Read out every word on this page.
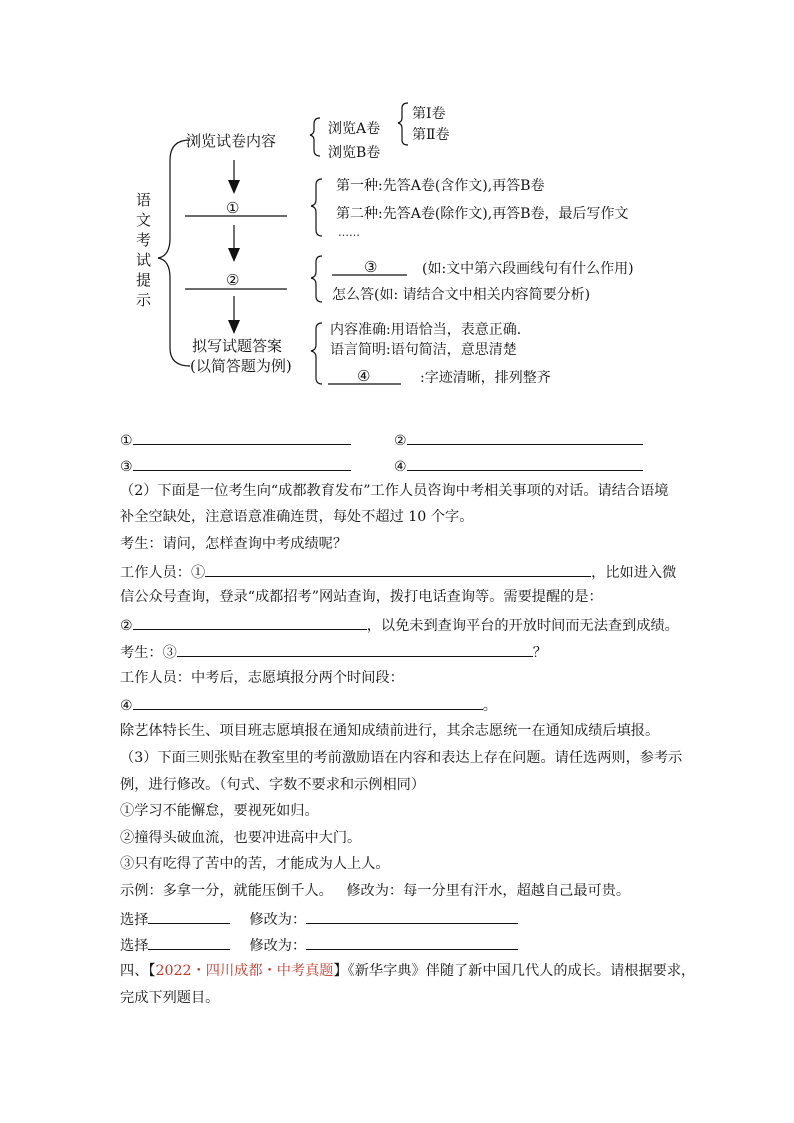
语文考试提示
浏览试卷内容
浏览A卷
浏览B卷
第Ⅰ卷
第Ⅱ卷
①
第一种:先答A卷(含作文),再答B卷
第二种:先答A卷(除作文),再答B卷，最后写作文
……
②
③	(如:文中第六段画线句有什么作用)
怎么答(如: 请结合文中相关内容简要分析)
拟写试题答案
(以简答题为例)
内容准确:用语恰当，表意正确.
语言简明:语句简洁，意思清楚
④	:字迹清晰，排列整齐
①	②
③	④
（2）下面是一位考生向“成都教育发布”工作人员咨询中考相关事项的对话。请结合语境
补全空缺处，注意语意准确连贯，每处不超过 10 个字。
考生：请问，怎样查询中考成绩呢？
工作人员：①	，比如进入微
信公众号查询，登录“成都招考”网站查询，拨打电话查询等。需要提醒的是：
②	，以免未到查询平台的开放时间而无法查到成绩。
考生：③	？
工作人员：中考后，志愿填报分两个时间段：
④	。
除艺体特长生、项目班志愿填报在通知成绩前进行，其余志愿统一在通知成绩后填报。
（3）下面三则张贴在教室里的考前激励语在内容和表达上存在问题。请任选两则，参考示
例，进行修改。（句式、字数不要求和示例相同）
①学习不能懈怠，要视死如归。
②撞得头破血流，也要冲进高中大门。
③只有吃得了苦中的苦，才能成为人上人。
示例：多拿一分，就能压倒千人。   修改为：每一分里有汗水，超越自己最可贵。
选择	修改为：
选择	修改为：
四、【2022・四川成都・中考真题】《新华字典》伴随了新中国几代人的成长。请根据要求，
完成下列题目。
